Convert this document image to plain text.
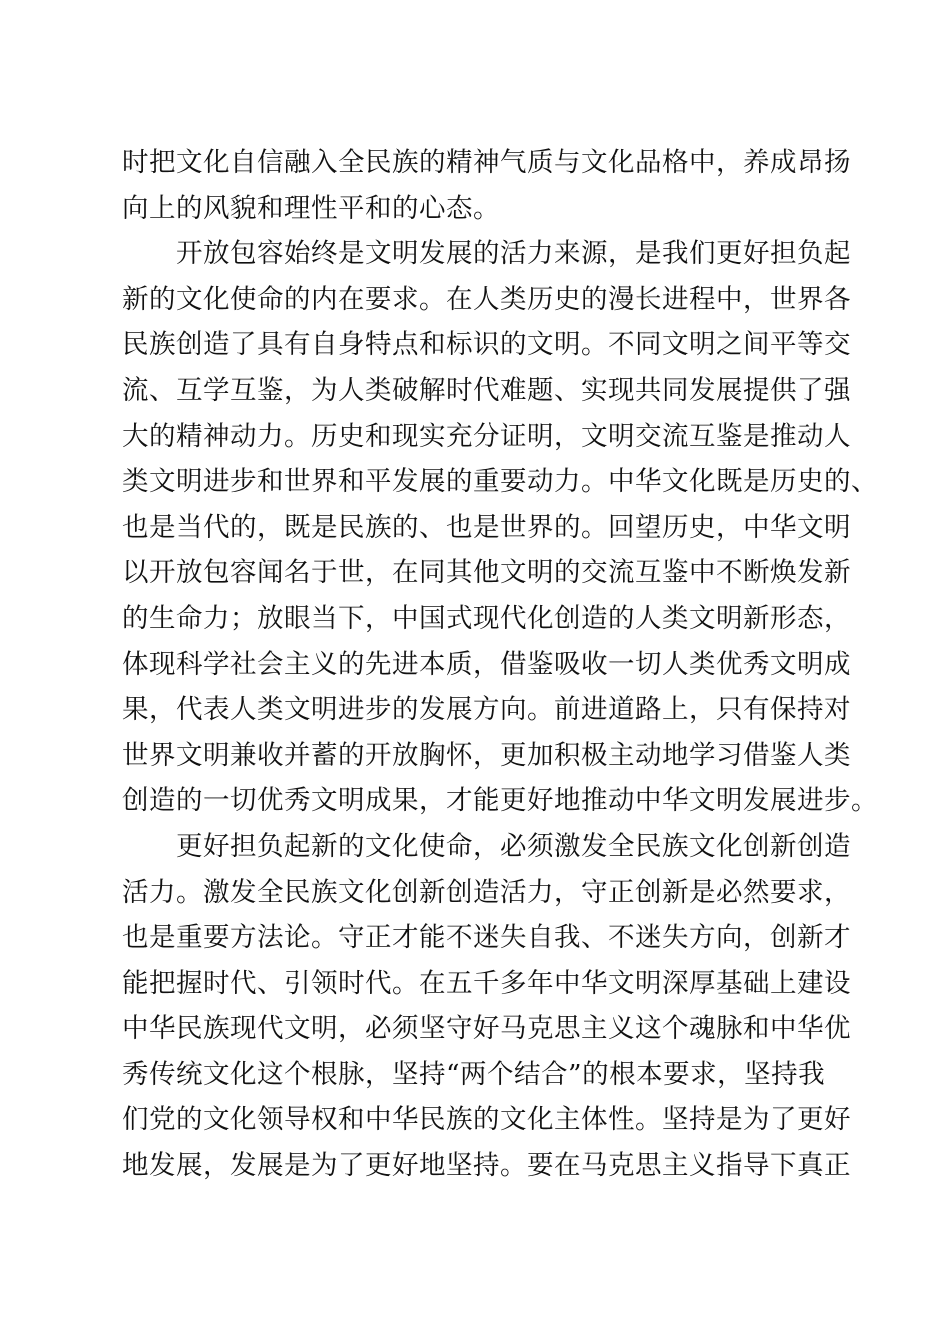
时把文化自信融入全民族的精神气质与文化品格中，养成昂扬
向上的风貌和理性平和的心态。
开放包容始终是文明发展的活力来源，是我们更好担负起
新的文化使命的内在要求。在人类历史的漫长进程中，世界各
民族创造了具有自身特点和标识的文明。不同文明之间平等交
流、互学互鉴，为人类破解时代难题、实现共同发展提供了强
大的精神动力。历史和现实充分证明，文明交流互鉴是推动人
类文明进步和世界和平发展的重要动力。中华文化既是历史的、
也是当代的，既是民族的、也是世界的。回望历史，中华文明
以开放包容闻名于世，在同其他文明的交流互鉴中不断焕发新
的生命力；放眼当下，中国式现代化创造的人类文明新形态，
体现科学社会主义的先进本质，借鉴吸收一切人类优秀文明成
果，代表人类文明进步的发展方向。前进道路上，只有保持对
世界文明兼收并蓄的开放胸怀，更加积极主动地学习借鉴人类
创造的一切优秀文明成果，才能更好地推动中华文明发展进步。
更好担负起新的文化使命，必须激发全民族文化创新创造
活力。激发全民族文化创新创造活力，守正创新是必然要求，
也是重要方法论。守正才能不迷失自我、不迷失方向，创新才
能把握时代、引领时代。在五千多年中华文明深厚基础上建设
中华民族现代文明，必须坚守好马克思主义这个魂脉和中华优
秀传统文化这个根脉，坚持“两个结合”的根本要求，坚持我
们党的文化领导权和中华民族的文化主体性。坚持是为了更好
地发展，发展是为了更好地坚持。要在马克思主义指导下真正
